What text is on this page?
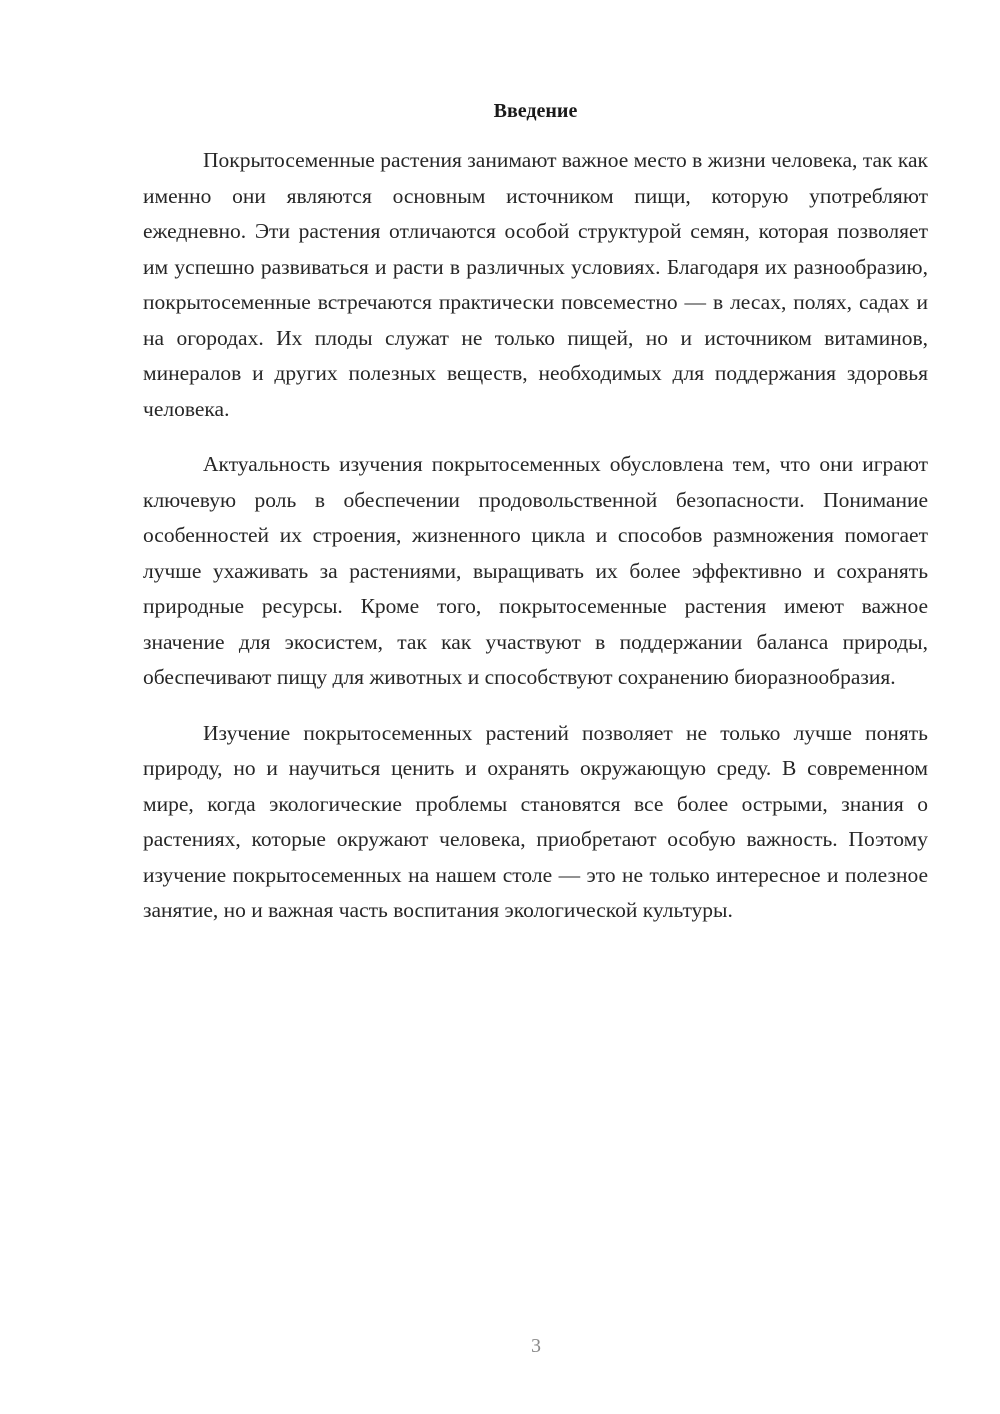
Введение

Покрытосеменные растения занимают важное место в жизни человека, так как именно они являются основным источником пищи, которую употребляют ежедневно. Эти растения отличаются особой структурой семян, которая позволяет им успешно развиваться и расти в различных условиях. Благодаря их разнообразию, покрытосеменные встречаются практически повсеместно — в лесах, полях, садах и на огородах. Их плоды служат не только пищей, но и источником витаминов, минералов и других полезных веществ, необходимых для поддержания здоровья человека.

Актуальность изучения покрытосеменных обусловлена тем, что они играют ключевую роль в обеспечении продовольственной безопасности. Понимание особенностей их строения, жизненного цикла и способов размножения помогает лучше ухаживать за растениями, выращивать их более эффективно и сохранять природные ресурсы. Кроме того, покрытосеменные растения имеют важное значение для экосистем, так как участвуют в поддержании баланса природы, обеспечивают пищу для животных и способствуют сохранению биоразнообразия.

Изучение покрытосеменных растений позволяет не только лучше понять природу, но и научиться ценить и охранять окружающую среду. В современном мире, когда экологические проблемы становятся все более острыми, знания о растениях, которые окружают человека, приобретают особую важность. Поэтому изучение покрытосеменных на нашем столе — это не только интересное и полезное занятие, но и важная часть воспитания экологической культуры.

3
